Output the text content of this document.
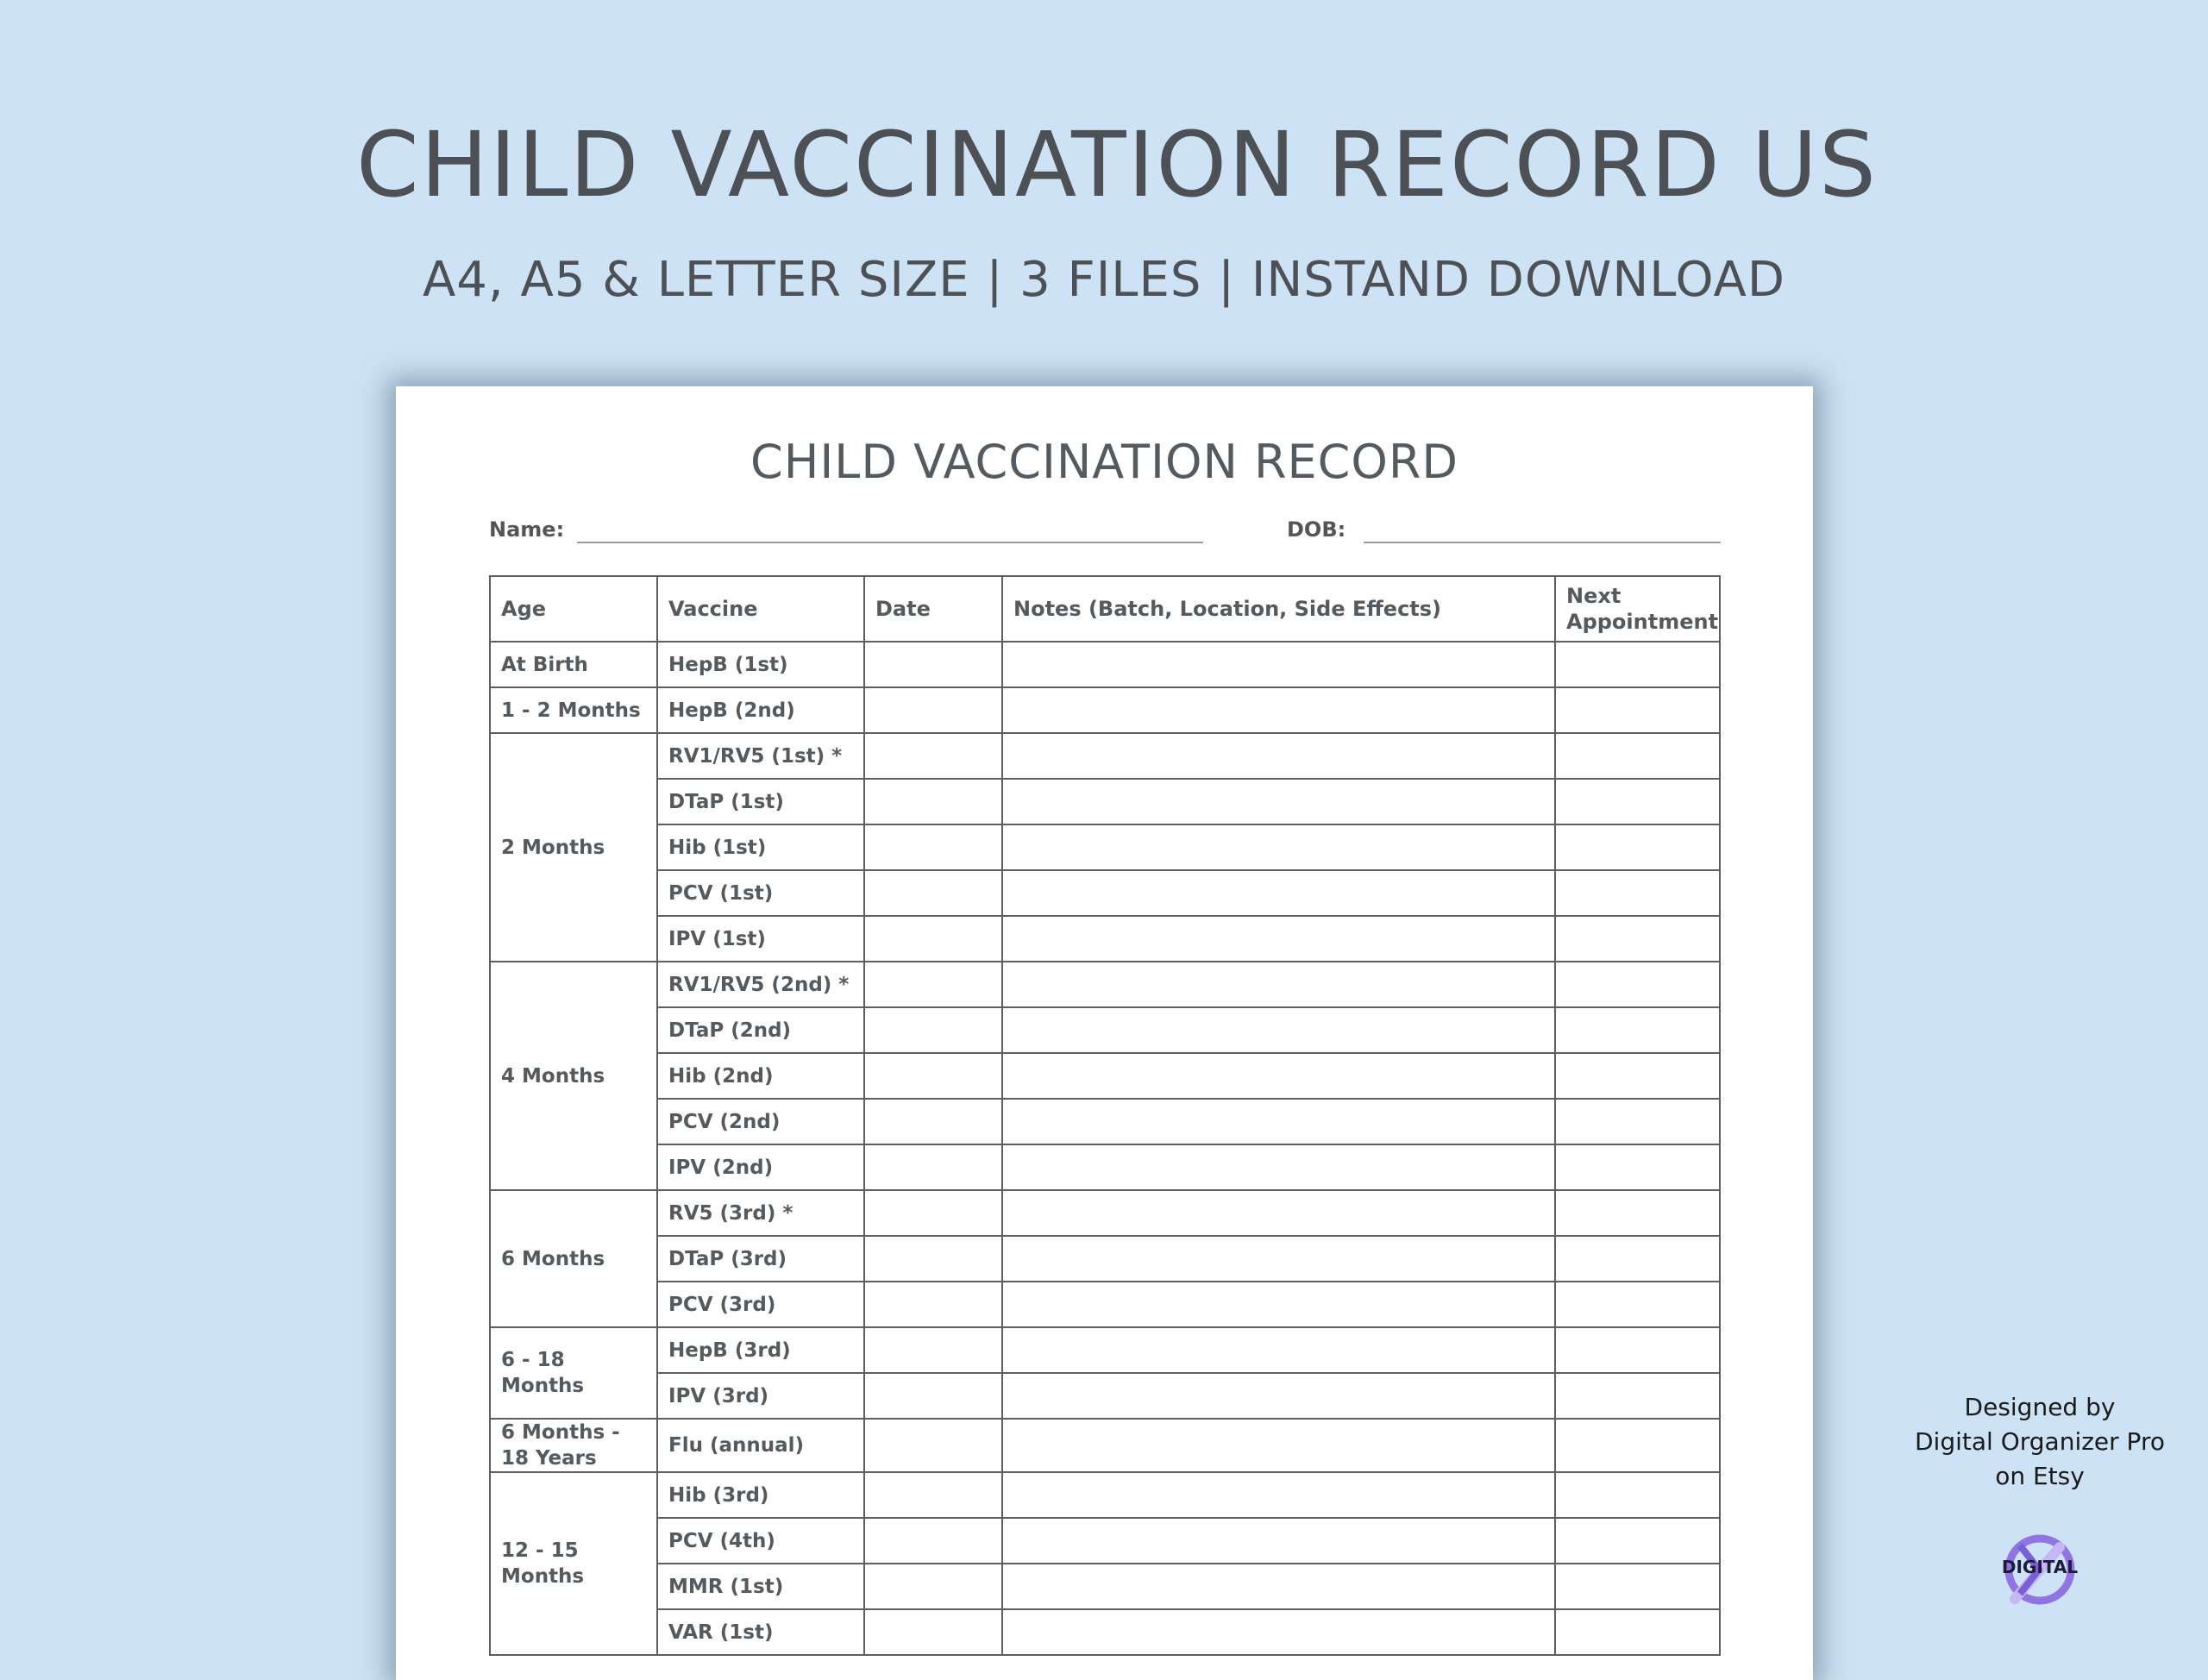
CHILD VACCINATION RECORD US
A4, A5 & LETTER SIZE | 3 FILES | INSTAND DOWNLOAD
CHILD VACCINATION RECORD
Name:	DOB:
Age	Vaccine	Date	Notes (Batch, Location, Side Effects)	Next Appointment
At Birth	HepB (1st)			
1 - 2 Months	HepB (2nd)			
2 Months	RV1/RV5 (1st) *			
	DTaP (1st)			
	Hib (1st)			
	PCV (1st)			
	IPV (1st)			
4 Months	RV1/RV5 (2nd) *			
	DTaP (2nd)			
	Hib (2nd)			
	PCV (2nd)			
	IPV (2nd)			
6 Months	RV5 (3rd) *			
	DTaP (3rd)			
	PCV (3rd)			
6 - 18 Months	HepB (3rd)			
	IPV (3rd)			
6 Months - 18 Years	Flu (annual)			
12 - 15 Months	Hib (3rd)			
	PCV (4th)			
	MMR (1st)			
	VAR (1st)			
Designed by
Digital Organizer Pro
on Etsy
DIGITAL
